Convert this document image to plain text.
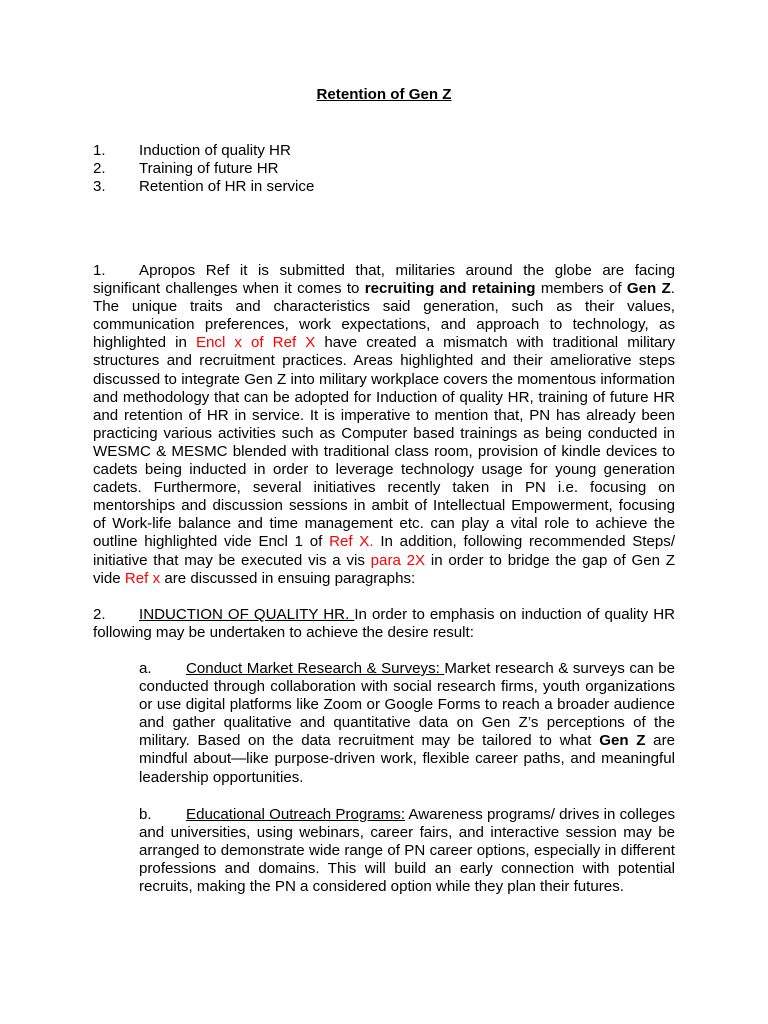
Retention of Gen Z
1. Induction of quality HR
2. Training of future HR
3. Retention of HR in service

1. Apropos Ref it is submitted that, militaries around the globe are facing significant challenges when it comes to recruiting and retaining members of Gen Z. The unique traits and characteristics said generation, such as their values, communication preferences, work expectations, and approach to technology, as highlighted in Encl x of Ref X have created a mismatch with traditional military structures and recruitment practices. Areas highlighted and their ameliorative steps discussed to integrate Gen Z into military workplace covers the momentous information and methodology that can be adopted for Induction of quality HR, training of future HR and retention of HR in service. It is imperative to mention that, PN has already been practicing various activities such as Computer based trainings as being conducted in WESMC & MESMC blended with traditional class room, provision of kindle devices to cadets being inducted in order to leverage technology usage for young generation cadets. Furthermore, several initiatives recently taken in PN i.e. focusing on mentorships and discussion sessions in ambit of Intellectual Empowerment, focusing of Work-life balance and time management etc. can play a vital role to achieve the outline highlighted vide Encl 1 of Ref X. In addition, following recommended Steps/ initiative that may be executed vis a vis para 2X in order to bridge the gap of Gen Z vide Ref x are discussed in ensuing paragraphs:

2. INDUCTION OF QUALITY HR. In order to emphasis on induction of quality HR following may be undertaken to achieve the desire result:

a. Conduct Market Research & Surveys: Market research & surveys can be conducted through collaboration with social research firms, youth organizations or use digital platforms like Zoom or Google Forms to reach a broader audience and gather qualitative and quantitative data on Gen Z’s perceptions of the military. Based on the data recruitment may be tailored to what Gen Z are mindful about—like purpose-driven work, flexible career paths, and meaningful leadership opportunities.

b. Educational Outreach Programs: Awareness programs/ drives in colleges and universities, using webinars, career fairs, and interactive session may be arranged to demonstrate wide range of PN career options, especially in different professions and domains. This will build an early connection with potential recruits, making the PN a considered option while they plan their futures.
